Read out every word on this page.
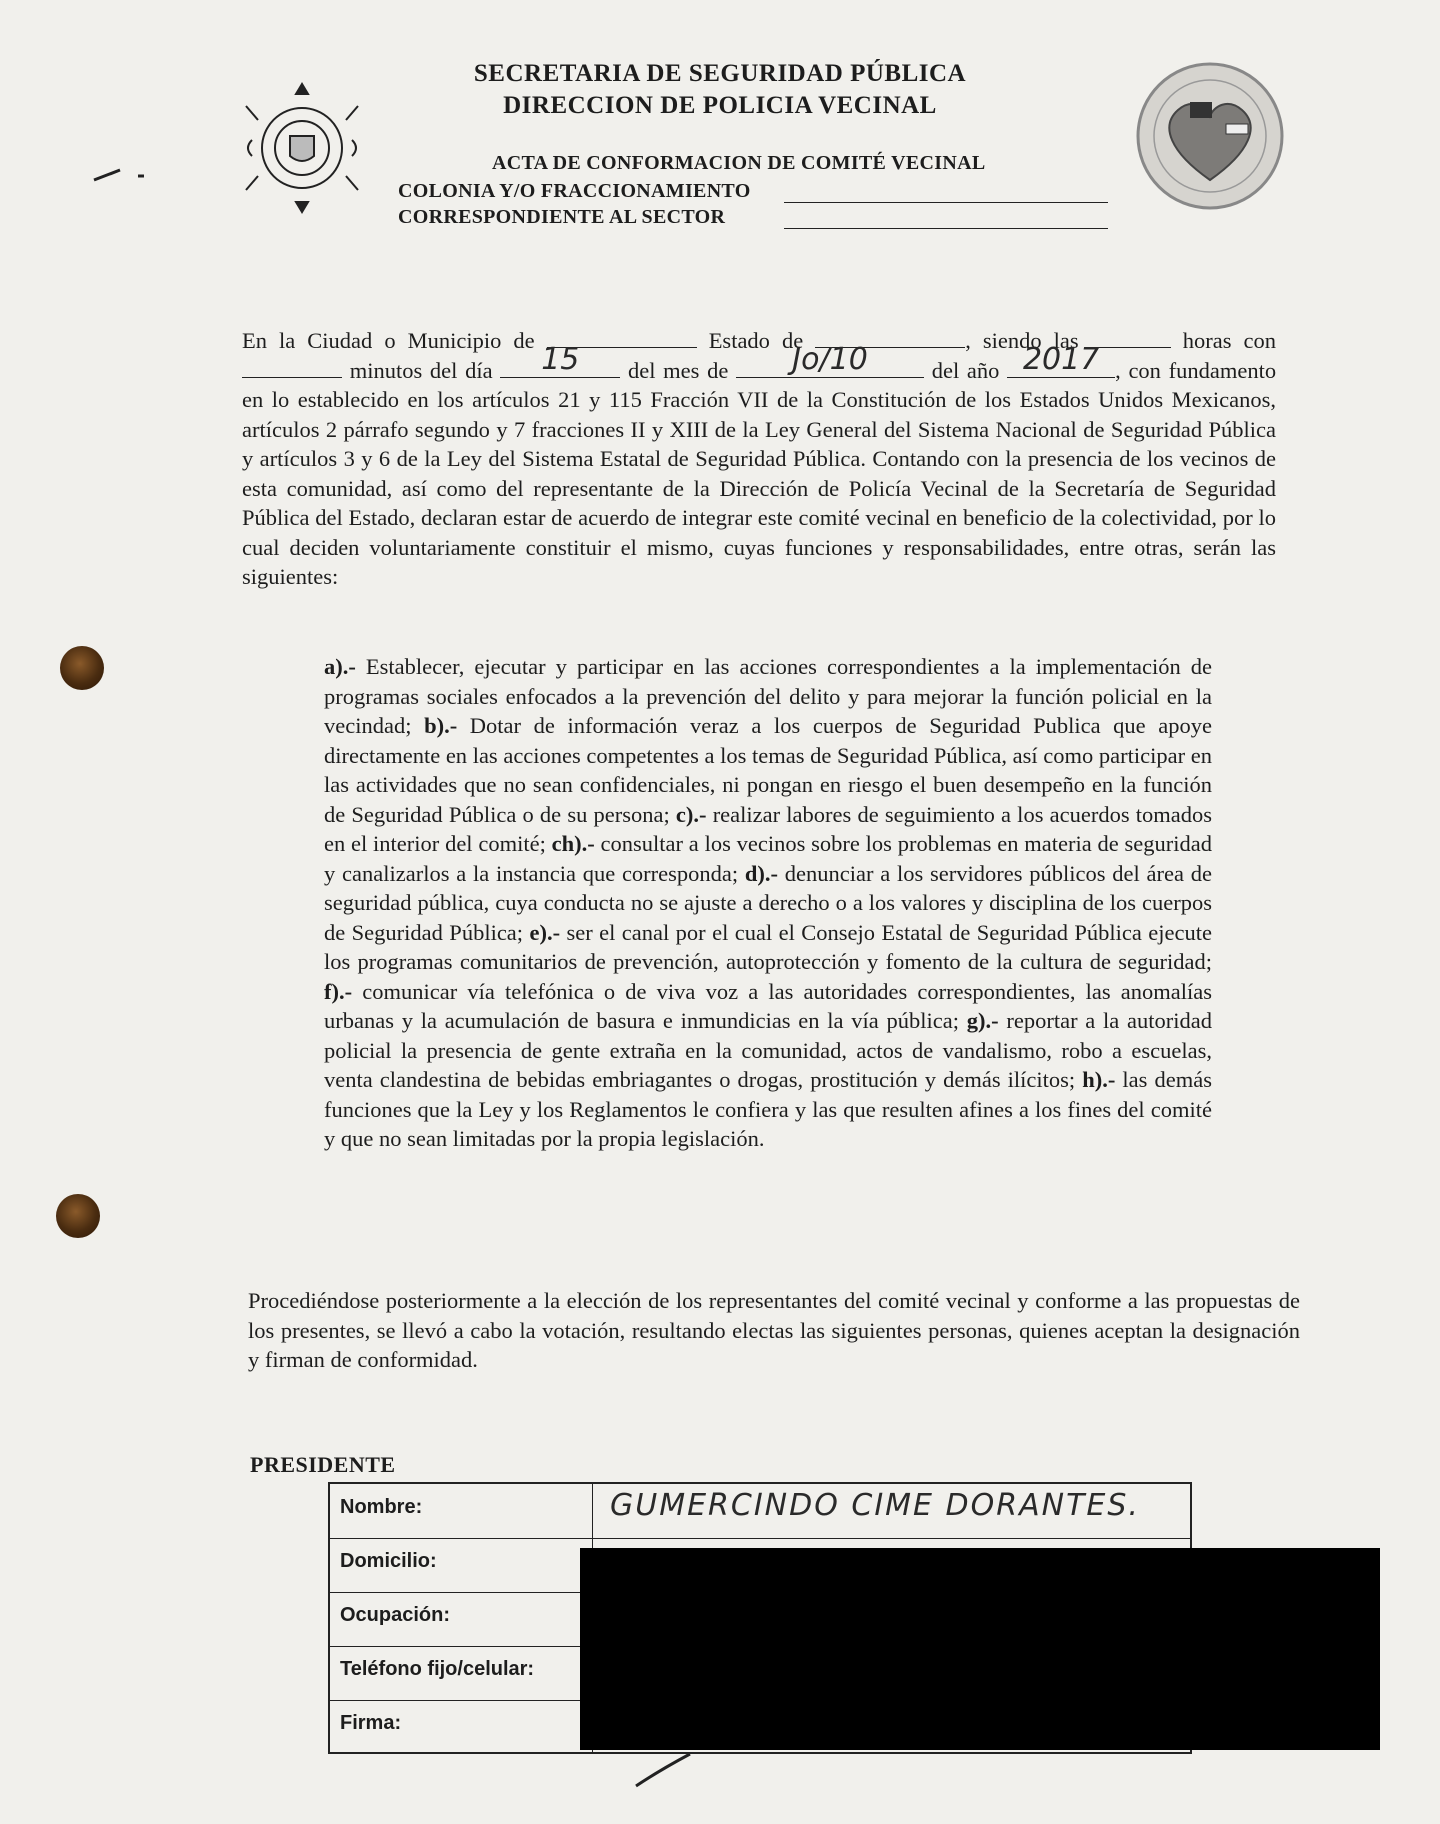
SECRETARIA DE SEGURIDAD PÚBLICA
DIRECCION DE POLICIA VECINAL
ACTA DE CONFORMACION DE COMITÉ VECINAL
COLONIA Y/O FRACCIONAMIENTO
CORRESPONDIENTE AL SECTOR
En la Ciudad o Municipio de	Estado de	, siendo las	horas con  minutos del día	15	del mes de	Jo/10	del año 2017 , con fundamento en lo establecido en los artículos 21 y 115 Fracción VII de la Constitución de los Estados Unidos Mexicanos, artículos 2 párrafo segundo y 7 fracciones II y XIII de la Ley General del Sistema Nacional de Seguridad Pública y artículos 3 y 6 de la Ley del Sistema Estatal de Seguridad Pública. Contando con la presencia de los vecinos de esta comunidad, así como del representante de la Dirección de Policía Vecinal de la Secretaría de Seguridad Pública del Estado, declaran estar de acuerdo de integrar este comité vecinal en beneficio de la colectividad, por lo cual deciden voluntariamente constituir el mismo, cuyas funciones y responsabilidades, entre otras, serán las siguientes:
a).- Establecer, ejecutar y participar en las acciones correspondientes a la implementación de programas sociales enfocados a la prevención del delito y para mejorar la función policial en la vecindad; b).- Dotar de información veraz a los cuerpos de Seguridad Publica que apoye directamente en las acciones competentes a los temas de Seguridad Pública, así como participar en las actividades que no sean confidenciales, ni pongan en riesgo el buen desempeño en la función de Seguridad Pública o de su persona; c).- realizar labores de seguimiento a los acuerdos tomados en el interior del comité; ch).- consultar a los vecinos sobre los problemas en materia de seguridad y canalizarlos a la instancia que corresponda; d).- denunciar a los servidores públicos del área de seguridad pública, cuya conducta no se ajuste a derecho o a los valores y disciplina de los cuerpos de Seguridad Pública; e).- ser el canal por el cual el Consejo Estatal de Seguridad Pública ejecute los programas comunitarios de prevención, autoprotección y fomento de la cultura de seguridad; f).- comunicar vía telefónica o de viva voz a las autoridades correspondientes, las anomalías urbanas y la acumulación de basura e inmundicias en la vía pública; g).- reportar a la autoridad policial la presencia de gente extraña en la comunidad, actos de vandalismo, robo a escuelas, venta clandestina de bebidas embriagantes o drogas, prostitución y demás ilícitos; h).- las demás funciones que la Ley y los Reglamentos le confiera y las que resulten afines a los fines del comité y que no sean limitadas por la propia legislación.
Procediéndose posteriormente a la elección de los representantes del comité vecinal y conforme a las propuestas de los presentes, se llevó a cabo la votación, resultando electas las siguientes personas, quienes aceptan la designación y firman de conformidad.
PRESIDENTE
Nombre:	GUMERCINDO CIME DORANTES.
Domicilio:
Ocupación:
Teléfono fijo/celular:
Firma:
